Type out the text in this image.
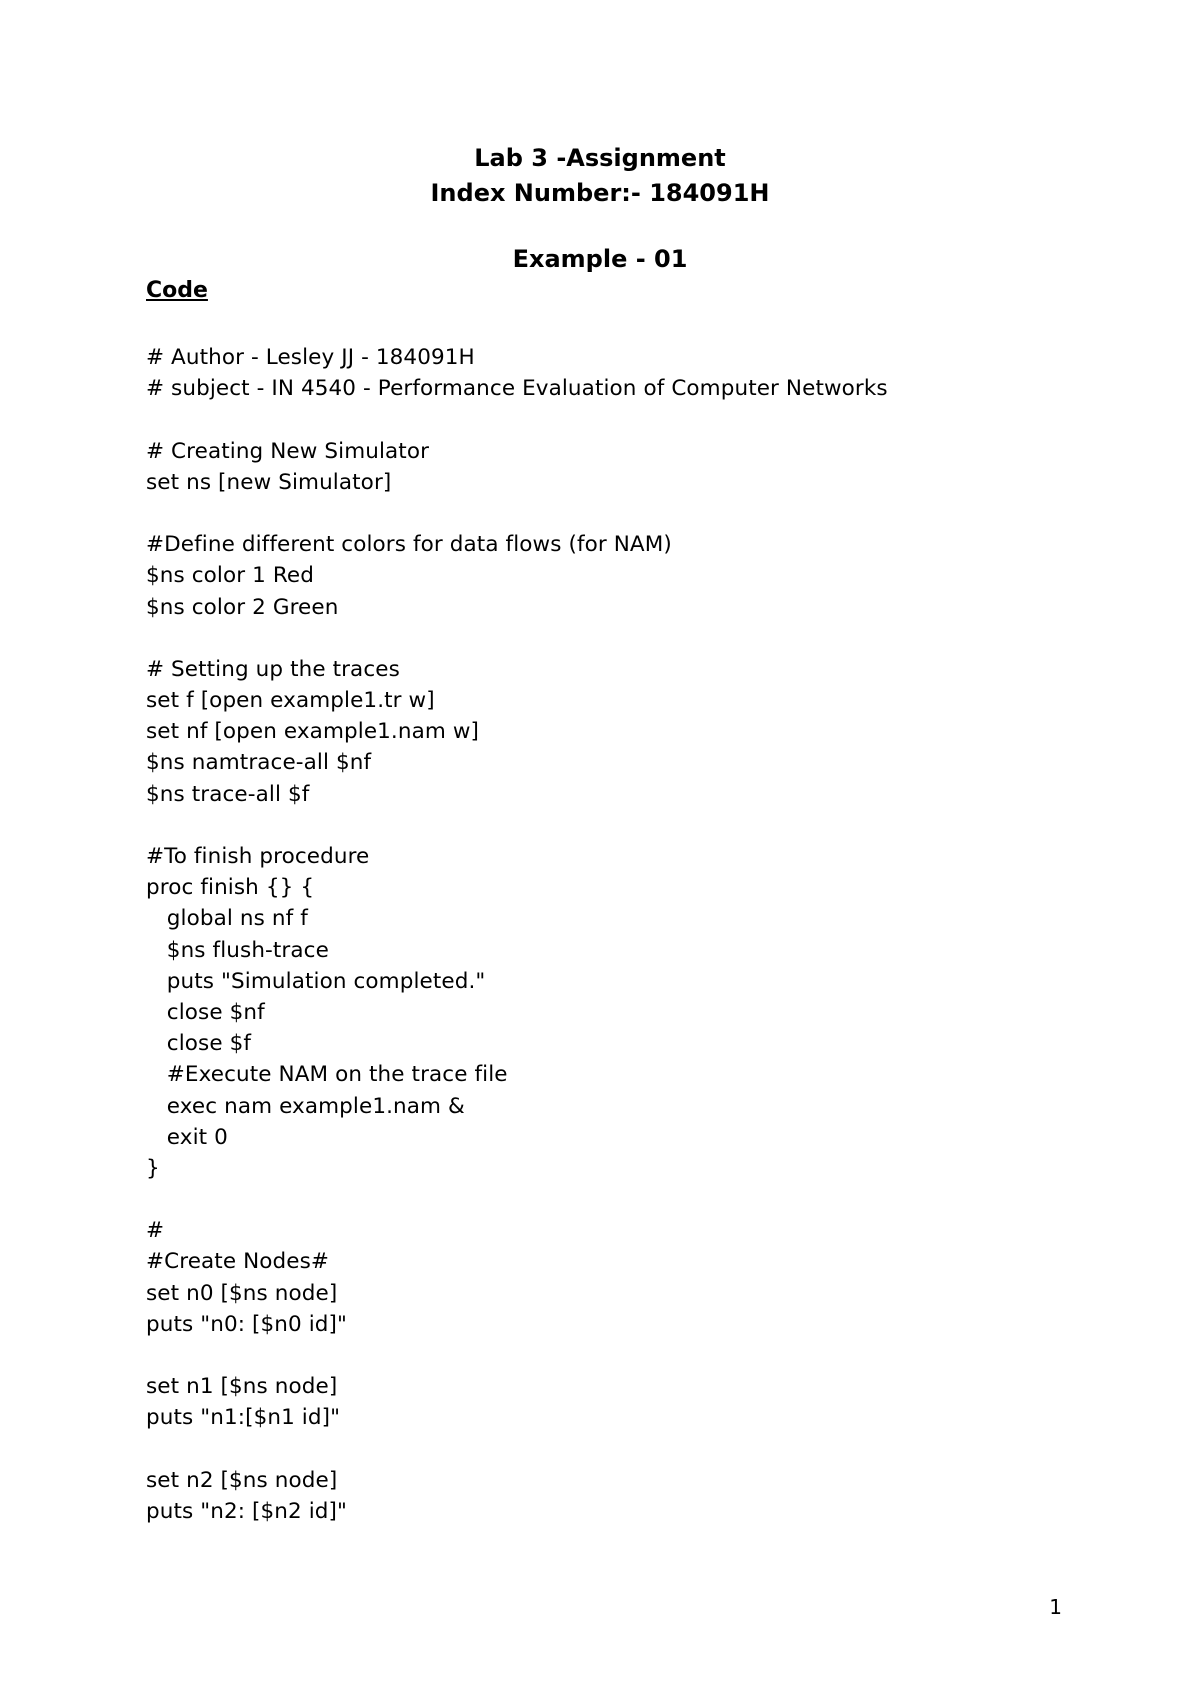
Lab 3 -Assignment
Index Number:- 184091H
Example - 01
Code
# Author - Lesley JJ - 184091H
# subject - IN 4540 - Performance Evaluation of Computer Networks
# Creating New Simulator
set ns [new Simulator]
#Define different colors for data flows (for NAM)
$ns color 1 Red
$ns color 2 Green
# Setting up the traces
set f [open example1.tr w]
set nf [open example1.nam w]
$ns namtrace-all $nf
$ns trace-all $f
#To finish procedure
proc finish {} {
global ns nf f
$ns flush-trace
puts "Simulation completed."
close $nf
close $f
#Execute NAM on the trace file
exec nam example1.nam &
exit 0
}
#
#Create Nodes#
set n0 [$ns node]
puts "n0: [$n0 id]"
set n1 [$ns node]
puts "n1:[$n1 id]"
set n2 [$ns node]
puts "n2: [$n2 id]"
1
